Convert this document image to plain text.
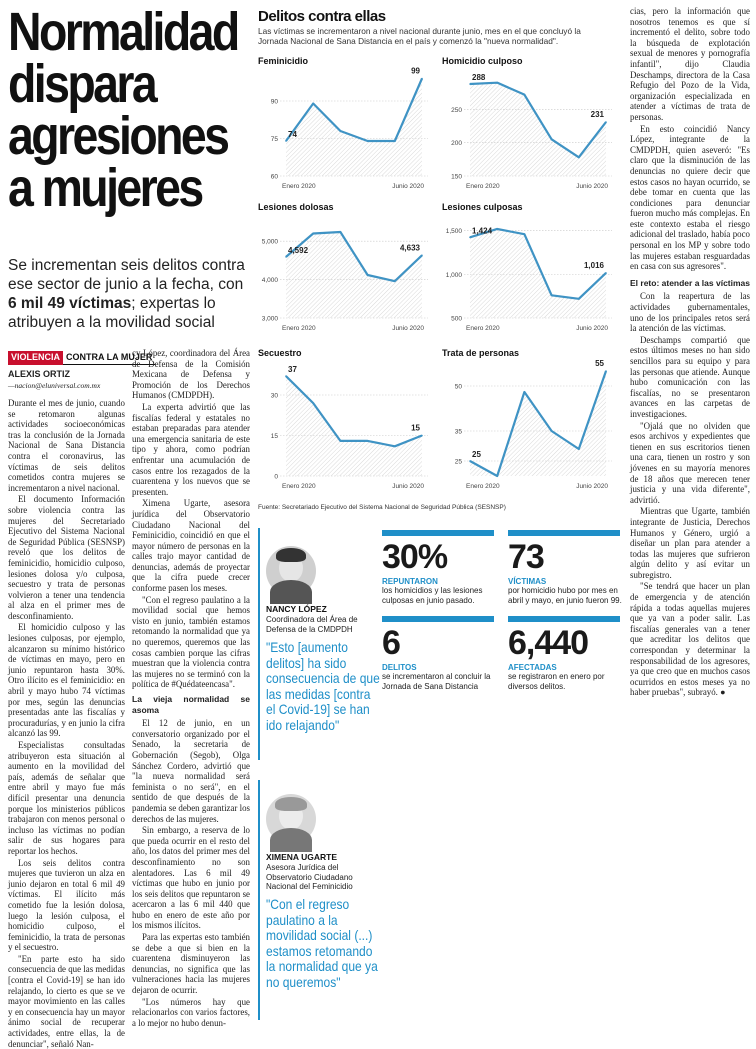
Normalidad
dispara
agresiones
a mujeres
Se incrementan seis delitos contra ese sector de junio a la fecha, con 6 mil 49 víctimas; expertas lo atribuyen a la movilidad social
VIOLENCIA CONTRA LA MUJER
ALEXIS ORTIZ
—nacion@eluniversal.com.mx

Durante el mes de junio, cuando se retomaron algunas actividades socioeconómicas tras la conclusión de la Jornada Nacional de Sana Distancia contra el coronavirus, las víctimas de seis delitos cometidos contra mujeres se incrementaron a nivel nacional.

El documento Información sobre violencia contra las mujeres del Secretariado Ejecutivo del Sistema Nacional de Seguridad Pública (SESNSP) reveló que los delitos de feminicidio, homicidio culposo, lesiones dolosa y/o culposa, secuestro y trata de personas volvieron a tener una tendencia al alza en el primer mes de desconfinamiento.

El homicidio culposo y las lesiones culposas, por ejemplo, alcanzaron su mínimo histórico de víctimas en mayo, pero en junio repuntaron hasta 30%. Otro ilícito es el feminicidio: en abril y mayo hubo 74 víctimas por mes, según las denuncias presentadas ante las fiscalías y procuradurías, y en junio la cifra alcanzó las 99.

Especialistas consultadas atribuyeron esta situación al aumento en la movilidad del país, además de señalar que entre abril y mayo fue más difícil presentar una denuncia porque los ministerios públicos trabajaron con menos personal o incluso las víctimas no podían salir de sus hogares para reportar los hechos.

Los seis delitos contra mujeres que tuvieron un alza en junio dejaron en total 6 mil 49 víctimas. El ilícito más cometido fue la lesión dolosa, luego la lesión culposa, el homicidio culposo, el feminicidio, la trata de personas y el secuestro.

"En parte esto ha sido consecuencia de que las medidas [contra el Covid-19] se han ido relajando, lo cierto es que se ve mayor movimiento en las calles y en consecuencia hay un mayor ánimo social de recuperar actividades, entre ellas, la de denunciar", señaló Nan-

cy López, coordinadora del Área de Defensa de la Comisión Mexicana de Defensa y Promoción de los Derechos Humanos (CMDPDH).

La experta advirtió que las fiscalías federal y estatales no estaban preparadas para atender una emergencia sanitaria de este tipo y ahora, como podrían enfrentar una acumulación de casos entre los rezagados de la cuarentena y los nuevos que se presenten.

Ximena Ugarte, asesora jurídica del Observatorio Ciudadano Nacional del Feminicidio, coincidió en que el mayor número de personas en la calles trajo mayor cantidad de denuncias, además de proyectar que la cifra puede crecer conforme pasen los meses.

"Con el regreso paulatino a la movilidad social que hemos visto en junio, también estamos retomando la normalidad que ya no queremos, queremos que las cosas cambien porque las cifras muestran que la violencia contra las mujeres no se terminó con la política de #Quédateencasa".

La vieja normalidad se asoma

El 12 de junio, en un conversatorio organizado por el Senado, la secretaria de Gobernación (Segob), Olga Sánchez Cordero, advirtió que "la nueva normalidad será feminista o no será", en el sentido de que después de la pandemia se deben garantizar los derechos de las mujeres.

Sin embargo, a reserva de lo que pueda ocurrir en el resto del año, los datos del primer mes del desconfinamiento no son alentadores. Las 6 mil 49 víctimas que hubo en junio por los seis delitos que repuntaron se acercaron a las 6 mil 440 que hubo en enero de este año por los mismos ilícitos.

Para las expertas esto también se debe a que si bien en la cuarentena disminuyeron las denuncias, no significa que las vulneraciones hacia las mujeres dejaron de ocurrir.

"Los números hay que relacionarlos con varios factores, a lo mejor no hubo denun-

Delitos contra ellas
Las víctimas se incrementaron a nivel nacional durante junio, mes en el que concluyó la Jornada Nacional de Sana Distancia en el país y comenzó la "nueva normalidad".
Feminicidio
60
75
90
74
99
Enero 2020	Junio 2020
Homicidio culposo
150
200
250
288
231
Enero 2020	Junio 2020
Lesiones dolosas
3,000
4,000
5,000
4,592	4,633
Enero 2020	Junio 2020
Lesiones culposas
500
1,000
1,500 1,424
1,016
Enero 2020	Junio 2020
Secuestro
0
15
30
37
15
Enero 2020	Junio 2020
Trata de personas
25
35
50
25
55
Enero 2020	Junio 2020
Fuente: Secretariado Ejecutivo del Sistema Nacional de Seguridad Pública (SESNSP)
NANCY LÓPEZ
Coordinadora del Área de Defensa de la CMDPDH
"Esto [aumento delitos] ha sido consecuencia de que las medidas [contra el Covid-19] se han ido relajando"
XIMENA UGARTE
Asesora Jurídica del Observatorio Ciudadano Nacional del Feminicidio
"Con el regreso paulatino a la movilidad social (...) estamos retomando la normalidad que ya no queremos"
30%
REPUNTARON
los homicidios y las lesiones culposas en junio pasado.
73
VÍCTIMAS
por homicidio hubo por mes en abril y mayo, en junio fueron 99.
6
DELITOS
se incrementaron al concluir la Jornada de Sana Distancia
6,440
AFECTADAS
se registraron en enero por diversos delitos.

cias, pero la información que nosotros tenemos es que sí incrementó el delito, sobre todo la búsqueda de explotación sexual de menores y pornografía infantil", dijo Claudia Deschamps, directora de la Casa Refugio del Pozo de la Vida, organización especializada en atender a víctimas de trata de personas.

En esto coincidió Nancy López, integrante de la CMDPDH, quien aseveró: "Es claro que la disminución de las denuncias no quiere decir que estos casos no hayan ocurrido, se debe tomar en cuenta que las condiciones para denunciar fueron mucho más complejas. En este contexto estaba el riesgo adicional del traslado, había poco personal en los MP y sobre todo las mujeres estaban resguardadas en casa con sus agresores".

El reto: atender a las víctimas

Con la reapertura de las actividades gubernamentales, uno de los principales retos será la atención de las víctimas.

Deschamps compartió que estos últimos meses no han sido sencillos para su equipo y para las personas que atiende. Aunque hubo comunicación con las fiscalías, no se presentaron avances en las carpetas de investigaciones.

"Ojalá que no olviden que esos archivos y expedientes que tienen en sus escritorios tienen una cara, tienen un rostro y son jóvenes en su mayoría menores de 18 años que merecen tener justicia y una vida diferente", advirtió.

Mientras que Ugarte, también integrante de Justicia, Derechos Humanos y Género, urgió a diseñar un plan para atender a todas las mujeres que sufrieron algún delito y así evitar un subregistro.

"Se tendrá que hacer un plan de emergencia y de atención rápida a todas aquellas mujeres que ya van a poder salir. Las fiscalías generales van a tener que acreditar los delitos que correspondan y determinar la responsabilidad de los agresores, ya que creo que en muchos casos ocurridos en estos meses ya no haber pruebas", subrayó. ●
